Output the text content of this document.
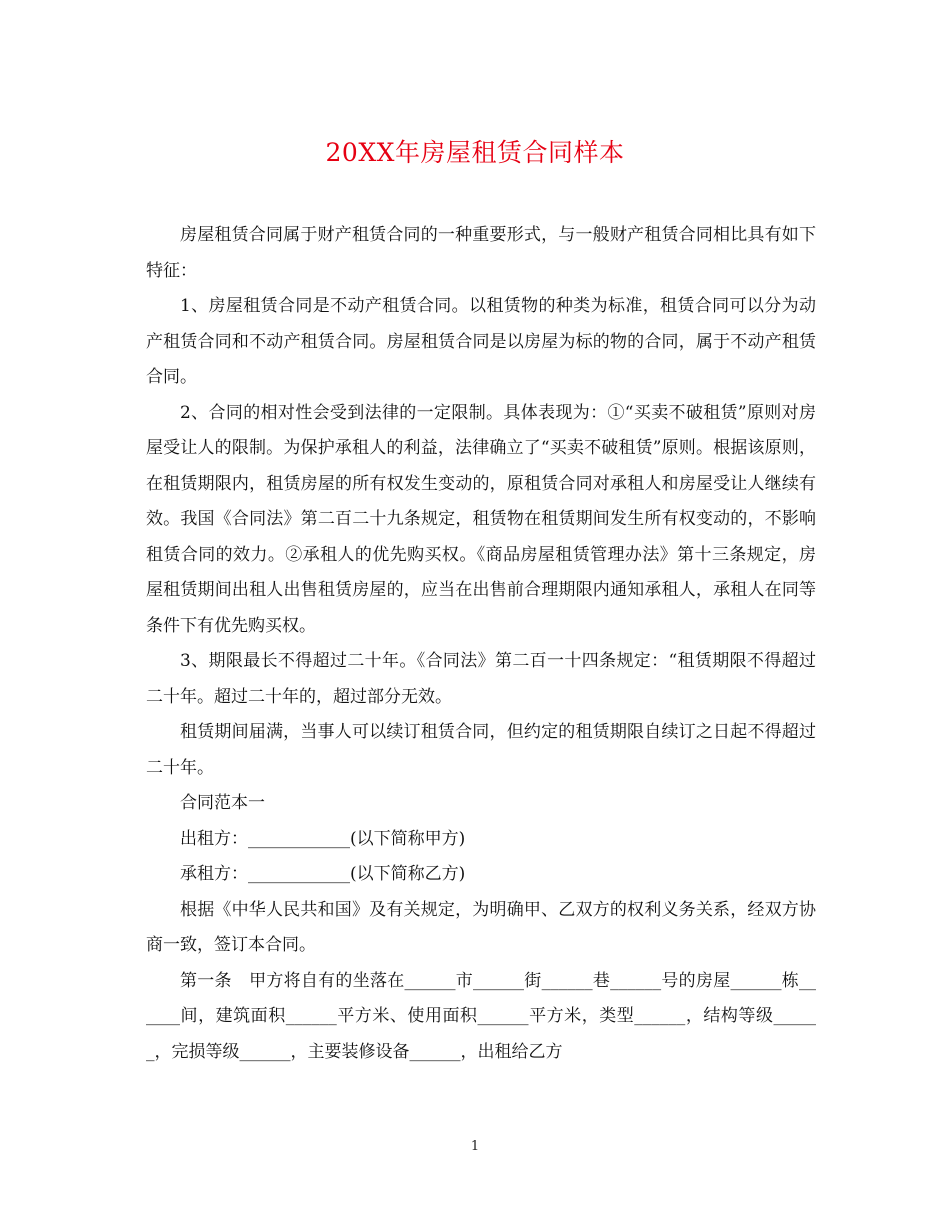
20XX年房屋租赁合同样本

房屋租赁合同属于财产租赁合同的一种重要形式，与一般财产租赁合同相比具有如下特征：

1、房屋租赁合同是不动产租赁合同。以租赁物的种类为标准，租赁合同可以分为动产租赁合同和不动产租赁合同。房屋租赁合同是以房屋为标的物的合同，属于不动产租赁合同。

2、合同的相对性会受到法律的一定限制。具体表现为：①“买卖不破租赁”原则对房屋受让人的限制。为保护承租人的利益，法律确立了“买卖不破租赁”原则。根据该原则，在租赁期限内，租赁房屋的所有权发生变动的，原租赁合同对承租人和房屋受让人继续有效。我国《合同法》第二百二十九条规定，租赁物在租赁期间发生所有权变动的，不影响租赁合同的效力。②承租人的优先购买权。《商品房屋租赁管理办法》第十三条规定，房屋租赁期间出租人出售租赁房屋的，应当在出售前合理期限内通知承租人，承租人在同等条件下有优先购买权。

3、期限最长不得超过二十年。《合同法》第二百一十四条规定：“租赁期限不得超过二十年。超过二十年的，超过部分无效。

租赁期间届满，当事人可以续订租赁合同，但约定的租赁期限自续订之日起不得超过二十年。

合同范本一

出租方：____________(以下简称甲方)

承租方：____________(以下简称乙方)

根据《中华人民共和国》及有关规定，为明确甲、乙双方的权利义务关系，经双方协商一致，签订本合同。

第一条　甲方将自有的坐落在______市______街______巷______号的房屋______栋______间，建筑面积______平方米、使用面积______平方米，类型______，结构等级______，完损等级______，主要装修设备______，出租给乙方

1
